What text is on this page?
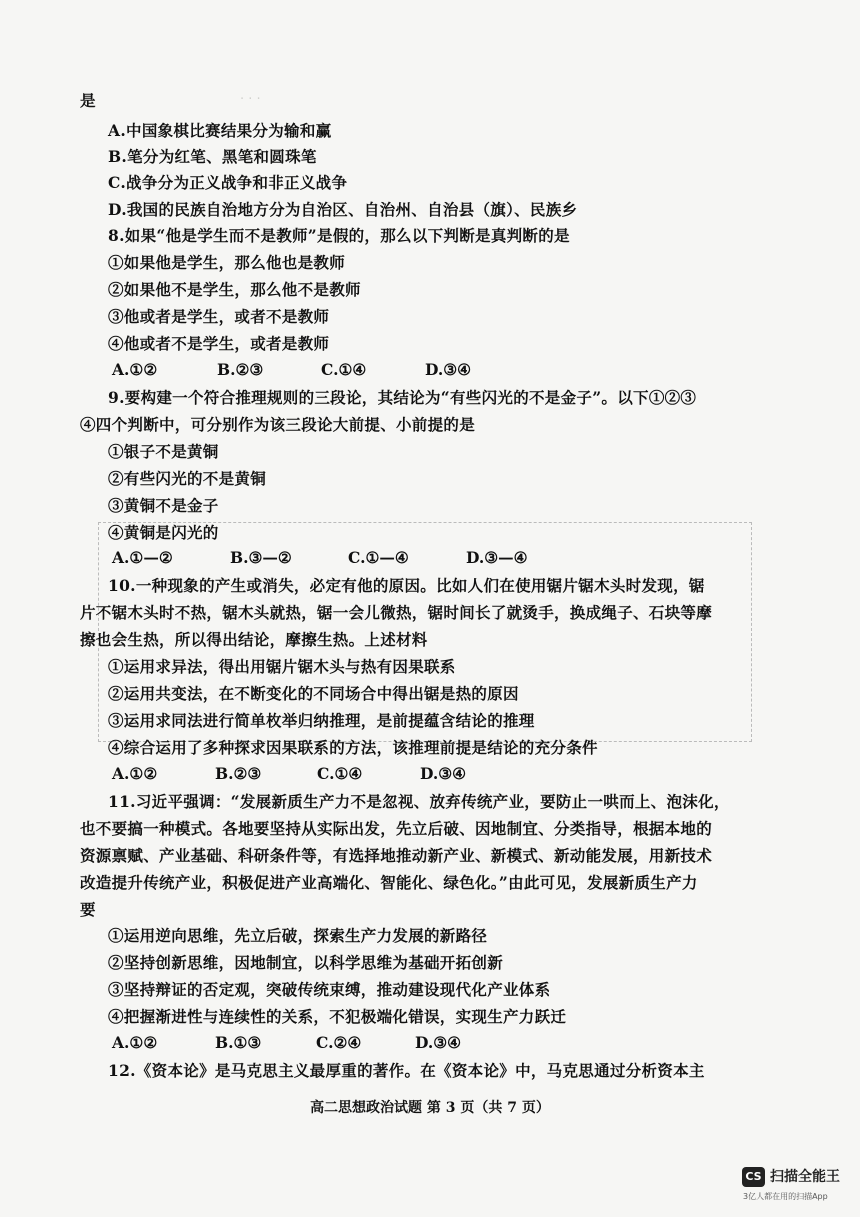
· · ·
是
A.中国象棋比赛结果分为输和赢
B.笔分为红笔、黑笔和圆珠笔
C.战争分为正义战争和非正义战争
D.我国的民族自治地方分为自治区、自治州、自治县（旗）、民族乡
8.如果“他是学生而不是教师”是假的，那么以下判断是真判断的是
①如果他是学生，那么他也是教师
②如果他不是学生，那么他不是教师
③他或者是学生，或者不是教师
④他或者不是学生，或者是教师
A.①②	B.②③	C.①④	D.③④
9.要构建一个符合推理规则的三段论，其结论为“有些闪光的不是金子”。以下①②③
④四个判断中，可分别作为该三段论大前提、小前提的是
①银子不是黄铜
②有些闪光的不是黄铜
③黄铜不是金子
④黄铜是闪光的
A.①—②	B.③—②	C.①—④	D.③—④
10.一种现象的产生或消失，必定有他的原因。比如人们在使用锯片锯木头时发现，锯
片不锯木头时不热，锯木头就热，锯一会儿微热，锯时间长了就烫手，换成绳子、石块等摩
擦也会生热，所以得出结论，摩擦生热。上述材料
①运用求异法，得出用锯片锯木头与热有因果联系
②运用共变法，在不断变化的不同场合中得出锯是热的原因
③运用求同法进行简单枚举归纳推理，是前提蕴含结论的推理
④综合运用了多种探求因果联系的方法，该推理前提是结论的充分条件
A.①②	B.②③	C.①④	D.③④
11.习近平强调：“发展新质生产力不是忽视、放弃传统产业，要防止一哄而上、泡沫化，
也不要搞一种模式。各地要坚持从实际出发，先立后破、因地制宜、分类指导，根据本地的
资源禀赋、产业基础、科研条件等，有选择地推动新产业、新模式、新动能发展，用新技术
改造提升传统产业，积极促进产业高端化、智能化、绿色化。”由此可见，发展新质生产力
要
①运用逆向思维，先立后破，探索生产力发展的新路径
②坚持创新思维，因地制宜，以科学思维为基础开拓创新
③坚持辩证的否定观，突破传统束缚，推动建设现代化产业体系
④把握渐进性与连续性的关系，不犯极端化错误，实现生产力跃迁
A.①②	B.①③	C.②④	D.③④
12.《资本论》是马克思主义最厚重的著作。在《资本论》中，马克思通过分析资本主
高二思想政治试题 第 3 页（共 7 页）
CS 扫描全能王
3亿人都在用的扫描App
